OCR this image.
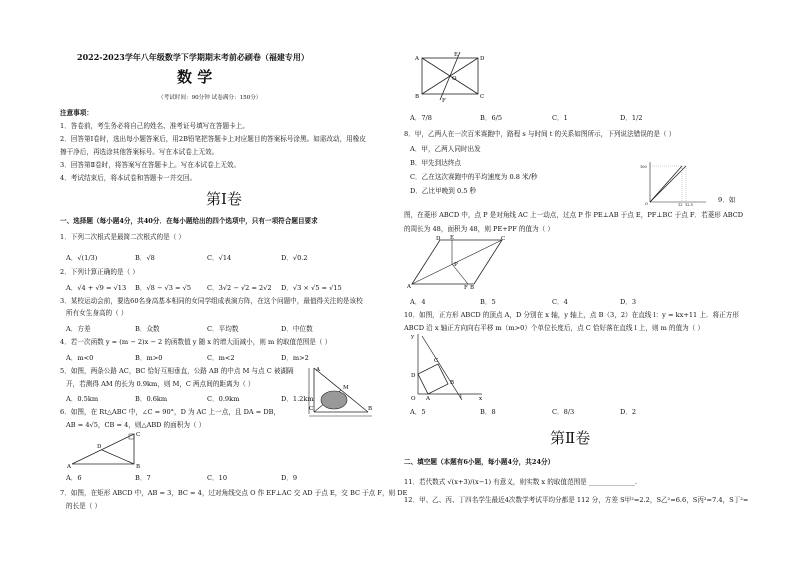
2022-2023学年八年级数学下学期期末考前必刷卷（福建专用）
数 学
（考试时间：90分钟 试卷满分：150分）
注意事项：
1．答卷前，考生务必将自己的姓名、准考证号填写在答题卡上。
2．回答第Ⅰ卷时，选出每小题答案后，用2B铅笔把答题卡上对应题目的答案标号涂黑。如需改动，用橡皮
擦干净后，再选涂其他答案标号。写在本试卷上无效。
3．回答第Ⅱ卷时，将答案写在答题卡上。写在本试卷上无效。
4．考试结束后，将本试卷和答题卡一并交回。
第Ⅰ卷
一、选择题（每小题4分，共40分．在每小题给出的四个选项中，只有一项符合题目要求
1．下列二次根式是最简二次根式的是（ ）
A．√(1/3)	B．√8	C．√14	D．√0.2
2．下列计算正确的是（ ）
A．√4 + √9 = √13 B．√8 − √3 = √5 C．3√2 − √2 = 2√2 D．√3 × √5 = √15
3．某校运动会前，要选60名身高基本相同的女同学组成表演方阵，在这个问题中，最值得关注的是该校
所有女生身高的（ ）
A．方差	B．众数	C．平均数	D．中位数
4．若一次函数 y = (m − 2)x − 2 的函数值 y 随 x 的增大而减小，则 m 的取值范围是（ ）
A．m<0	B．m>0	C．m<2	D．m>2
5．如图，两条公路 AC，BC 恰好互相垂直，公路 AB 的中点 M 与点 C 被湖隔
开，若测得 AM 的长为 0.9km，则 M，C 两点间的距离为（ ）
A．0.5km	B．0.6km	C．0.9km	D．1.2km
6．如图，在 Rt△ABC 中，∠C = 90°，D 为 AC 上一点，且 DA = DB，
AB = 4√5，CB = 4，则△ABD 的面积为（ ）
A．6	B．7	C．10	D．9
7．如图，在矩形 ABCD 中，AB = 3，BC = 4，过对角线交点 O 作 EF⊥AC 交 AD 于点 E，交 BC 于点 F，则 DE
的长是（ ）
A
M
C	B
A	B
C
D
A
B	C
D
E
F
O
A．7/8	B．6/5	C．1	D．1/2
8．甲，乙两人在一次百米赛跑中，路程 s 与时间 t 的关系如图所示，下列说法错误的是（ ）
A．甲，乙两人同时出发
B．甲先到达终点
C．乙在这次赛跑中的平均速度为 0.8 米/秒
D．乙比甲晚到 0.5 秒
100
O	12 12.5
9．如
图，在菱形 ABCD 中，点 P 是对角线 AC 上一动点，过点 P 作 PE⊥AB 于点 E，PF⊥BC 于点 F．若菱形 ABCD
的周长为 48，面积为 48，则 PE+PF 的值为（ ）
A	B
C
D E
F
P
A．4	B．5	C．4	D．3
10．如图，正方形 ABCD 的顶点 A，D 分别在 x 轴，y 轴上，点 B（3，2）在直线 l：y = kx+11 上．将正方形
ABCD 沿 x 轴正方向向右平移 m（m>0）个单位长度后，点 C 恰好落在直线 l 上，则 m 的值为（ ）
y
x
O A
B
C
D
l
A．5	B．8	C．8/3	D．2
第Ⅱ卷
二、填空题（本题有6小题，每小题4分，共24分）
11．若代数式 √(x+3)/(x−1) 有意义，则实数 x 的取值范围是 ______________.
12．甲、乙、丙、丁四名学生最近4次数学考试平均分都是 112 分，方差 S甲²=2.2，S乙²=6.6，S丙²=7.4，S丁²=
